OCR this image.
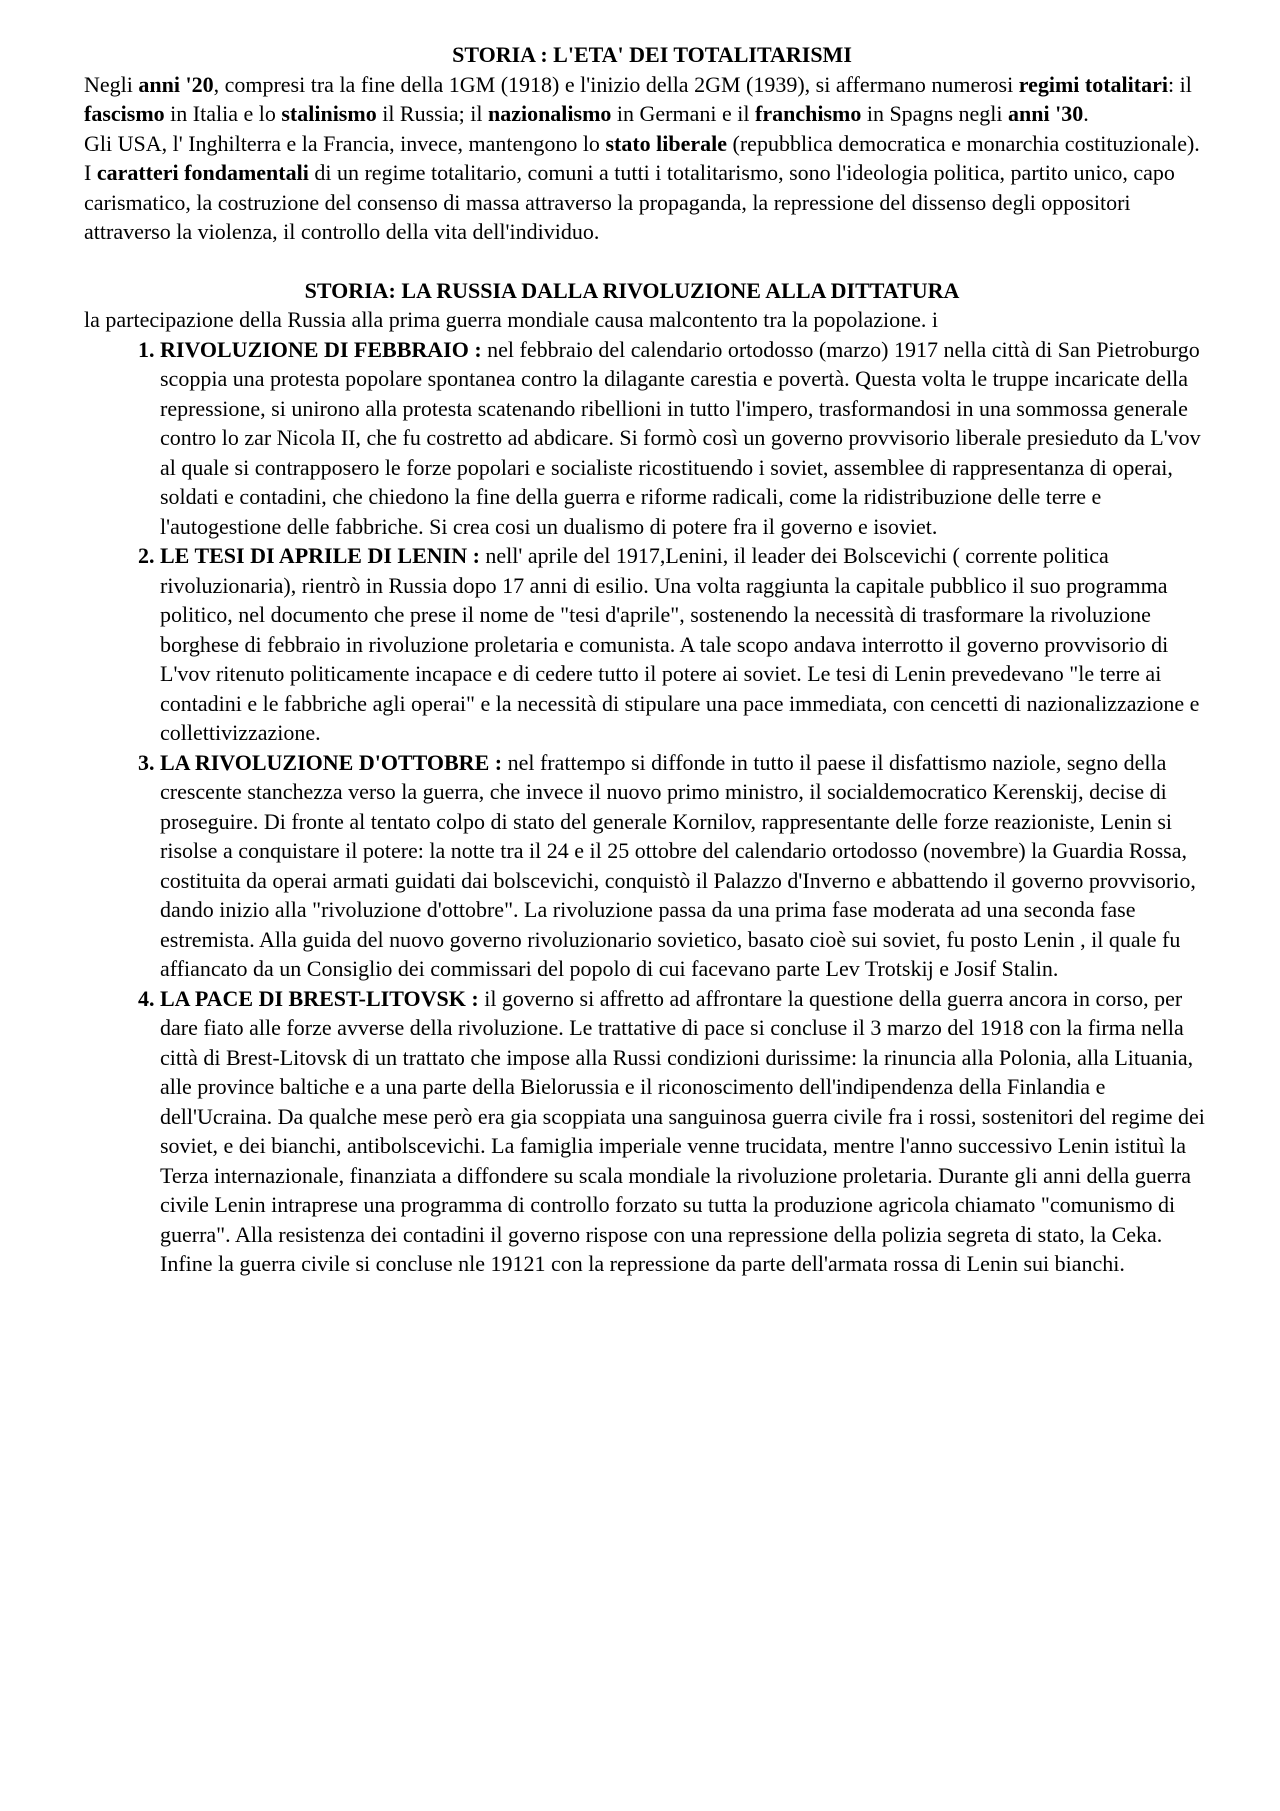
STORIA : L'ETA' DEI TOTALITARISMI

Negli anni '20, compresi tra la fine della 1GM (1918) e l'inizio della 2GM (1939), si affermano numerosi regimi totalitari: il fascismo in Italia e lo stalinismo il Russia; il nazionalismo in Germani e il franchismo in Spagns negli anni '30.

Gli USA, l' Inghilterra e la Francia, invece, mantengono lo stato liberale (repubblica democratica e monarchia costituzionale).

I caratteri fondamentali di un regime totalitario, comuni a tutti i totalitarismo, sono l'ideologia politica, partito unico, capo carismatico, la costruzione del consenso di massa attraverso la propaganda, la repressione del dissenso degli oppositori attraverso la violenza, il controllo della vita dell'individuo.

STORIA: LA RUSSIA DALLA RIVOLUZIONE ALLA DITTATURA

la partecipazione della Russia alla prima guerra mondiale causa malcontento tra la popolazione. i

1. RIVOLUZIONE DI FEBBRAIO : nel febbraio del calendario ortodosso (marzo) 1917 nella città di San Pietroburgo scoppia una protesta popolare spontanea contro la dilagante carestia e povertà. Questa volta le truppe incaricate della repressione, si unirono alla protesta scatenando ribellioni in tutto l'impero, trasformandosi in una sommossa generale contro lo zar Nicola II, che fu costretto ad abdicare. Si formò così un governo provvisorio liberale presieduto da L'vov al quale si contrapposero le forze popolari e socialiste ricostituendo i soviet, assemblee di rappresentanza di operai, soldati e contadini, che chiedono la fine della guerra e riforme radicali, come la ridistribuzione delle terre e l'autogestione delle fabbriche. Si crea cosi un dualismo di potere fra il governo e isoviet.
2. LE TESI DI APRILE DI LENIN : nell' aprile del 1917,Lenini, il leader dei Bolscevichi ( corrente politica rivoluzionaria), rientrò in Russia dopo 17 anni di esilio. Una volta raggiunta la capitale pubblico il suo programma politico, nel documento che prese il nome de "tesi d'aprile", sostenendo la necessità di trasformare la rivoluzione borghese di febbraio in rivoluzione proletaria e comunista. A tale scopo andava interrotto il governo provvisorio di L'vov ritenuto politicamente incapace e di cedere tutto il potere ai soviet. Le tesi di Lenin prevedevano "le terre ai contadini e le fabbriche agli operai" e la necessità di stipulare una pace immediata, con cencetti di nazionalizzazione e collettivizzazione.
3. LA RIVOLUZIONE D'OTTOBRE : nel frattempo si diffonde in tutto il paese il disfattismo naziole, segno della crescente stanchezza verso la guerra, che invece il nuovo primo ministro, il socialdemocratico Kerenskij, decise di proseguire. Di fronte al tentato colpo di stato del generale Kornilov, rappresentante delle forze reazioniste, Lenin si risolse a conquistare il potere: la notte tra il 24 e il 25 ottobre del calendario ortodosso (novembre) la Guardia Rossa, costituita da operai armati guidati dai bolscevichi, conquistò il Palazzo d'Inverno e abbattendo il governo provvisorio, dando inizio alla "rivoluzione d'ottobre". La rivoluzione passa da una prima fase moderata ad una seconda fase estremista. Alla guida del nuovo governo rivoluzionario sovietico, basato cioè sui soviet, fu posto Lenin , il quale fu affiancato da un Consiglio dei commissari del popolo di cui facevano parte Lev Trotskij e Josif Stalin.
4. LA PACE DI BREST-LITOVSK : il governo si affretto ad affrontare la questione della guerra ancora in corso, per dare fiato alle forze avverse della rivoluzione. Le trattative di pace si concluse il 3 marzo del 1918 con la firma nella città di Brest-Litovsk di un trattato che impose alla Russi condizioni durissime: la rinuncia alla Polonia, alla Lituania, alle province baltiche e a una parte della Bielorussia e il riconoscimento dell'indipendenza della Finlandia e dell'Ucraina. Da qualche mese però era gia scoppiata una sanguinosa guerra civile fra i rossi, sostenitori del regime dei soviet, e dei bianchi, antibolscevichi. La famiglia imperiale venne trucidata, mentre l'anno successivo Lenin istituì la Terza internazionale, finanziata a diffondere su scala mondiale la rivoluzione proletaria. Durante gli anni della guerra civile Lenin intraprese una programma di controllo forzato su tutta la produzione agricola chiamato "comunismo di guerra". Alla resistenza dei contadini il governo rispose con una repressione della polizia segreta di stato, la Ceka. Infine la guerra civile si concluse nle 19121 con la repressione da parte dell'armata rossa di Lenin sui bianchi.
